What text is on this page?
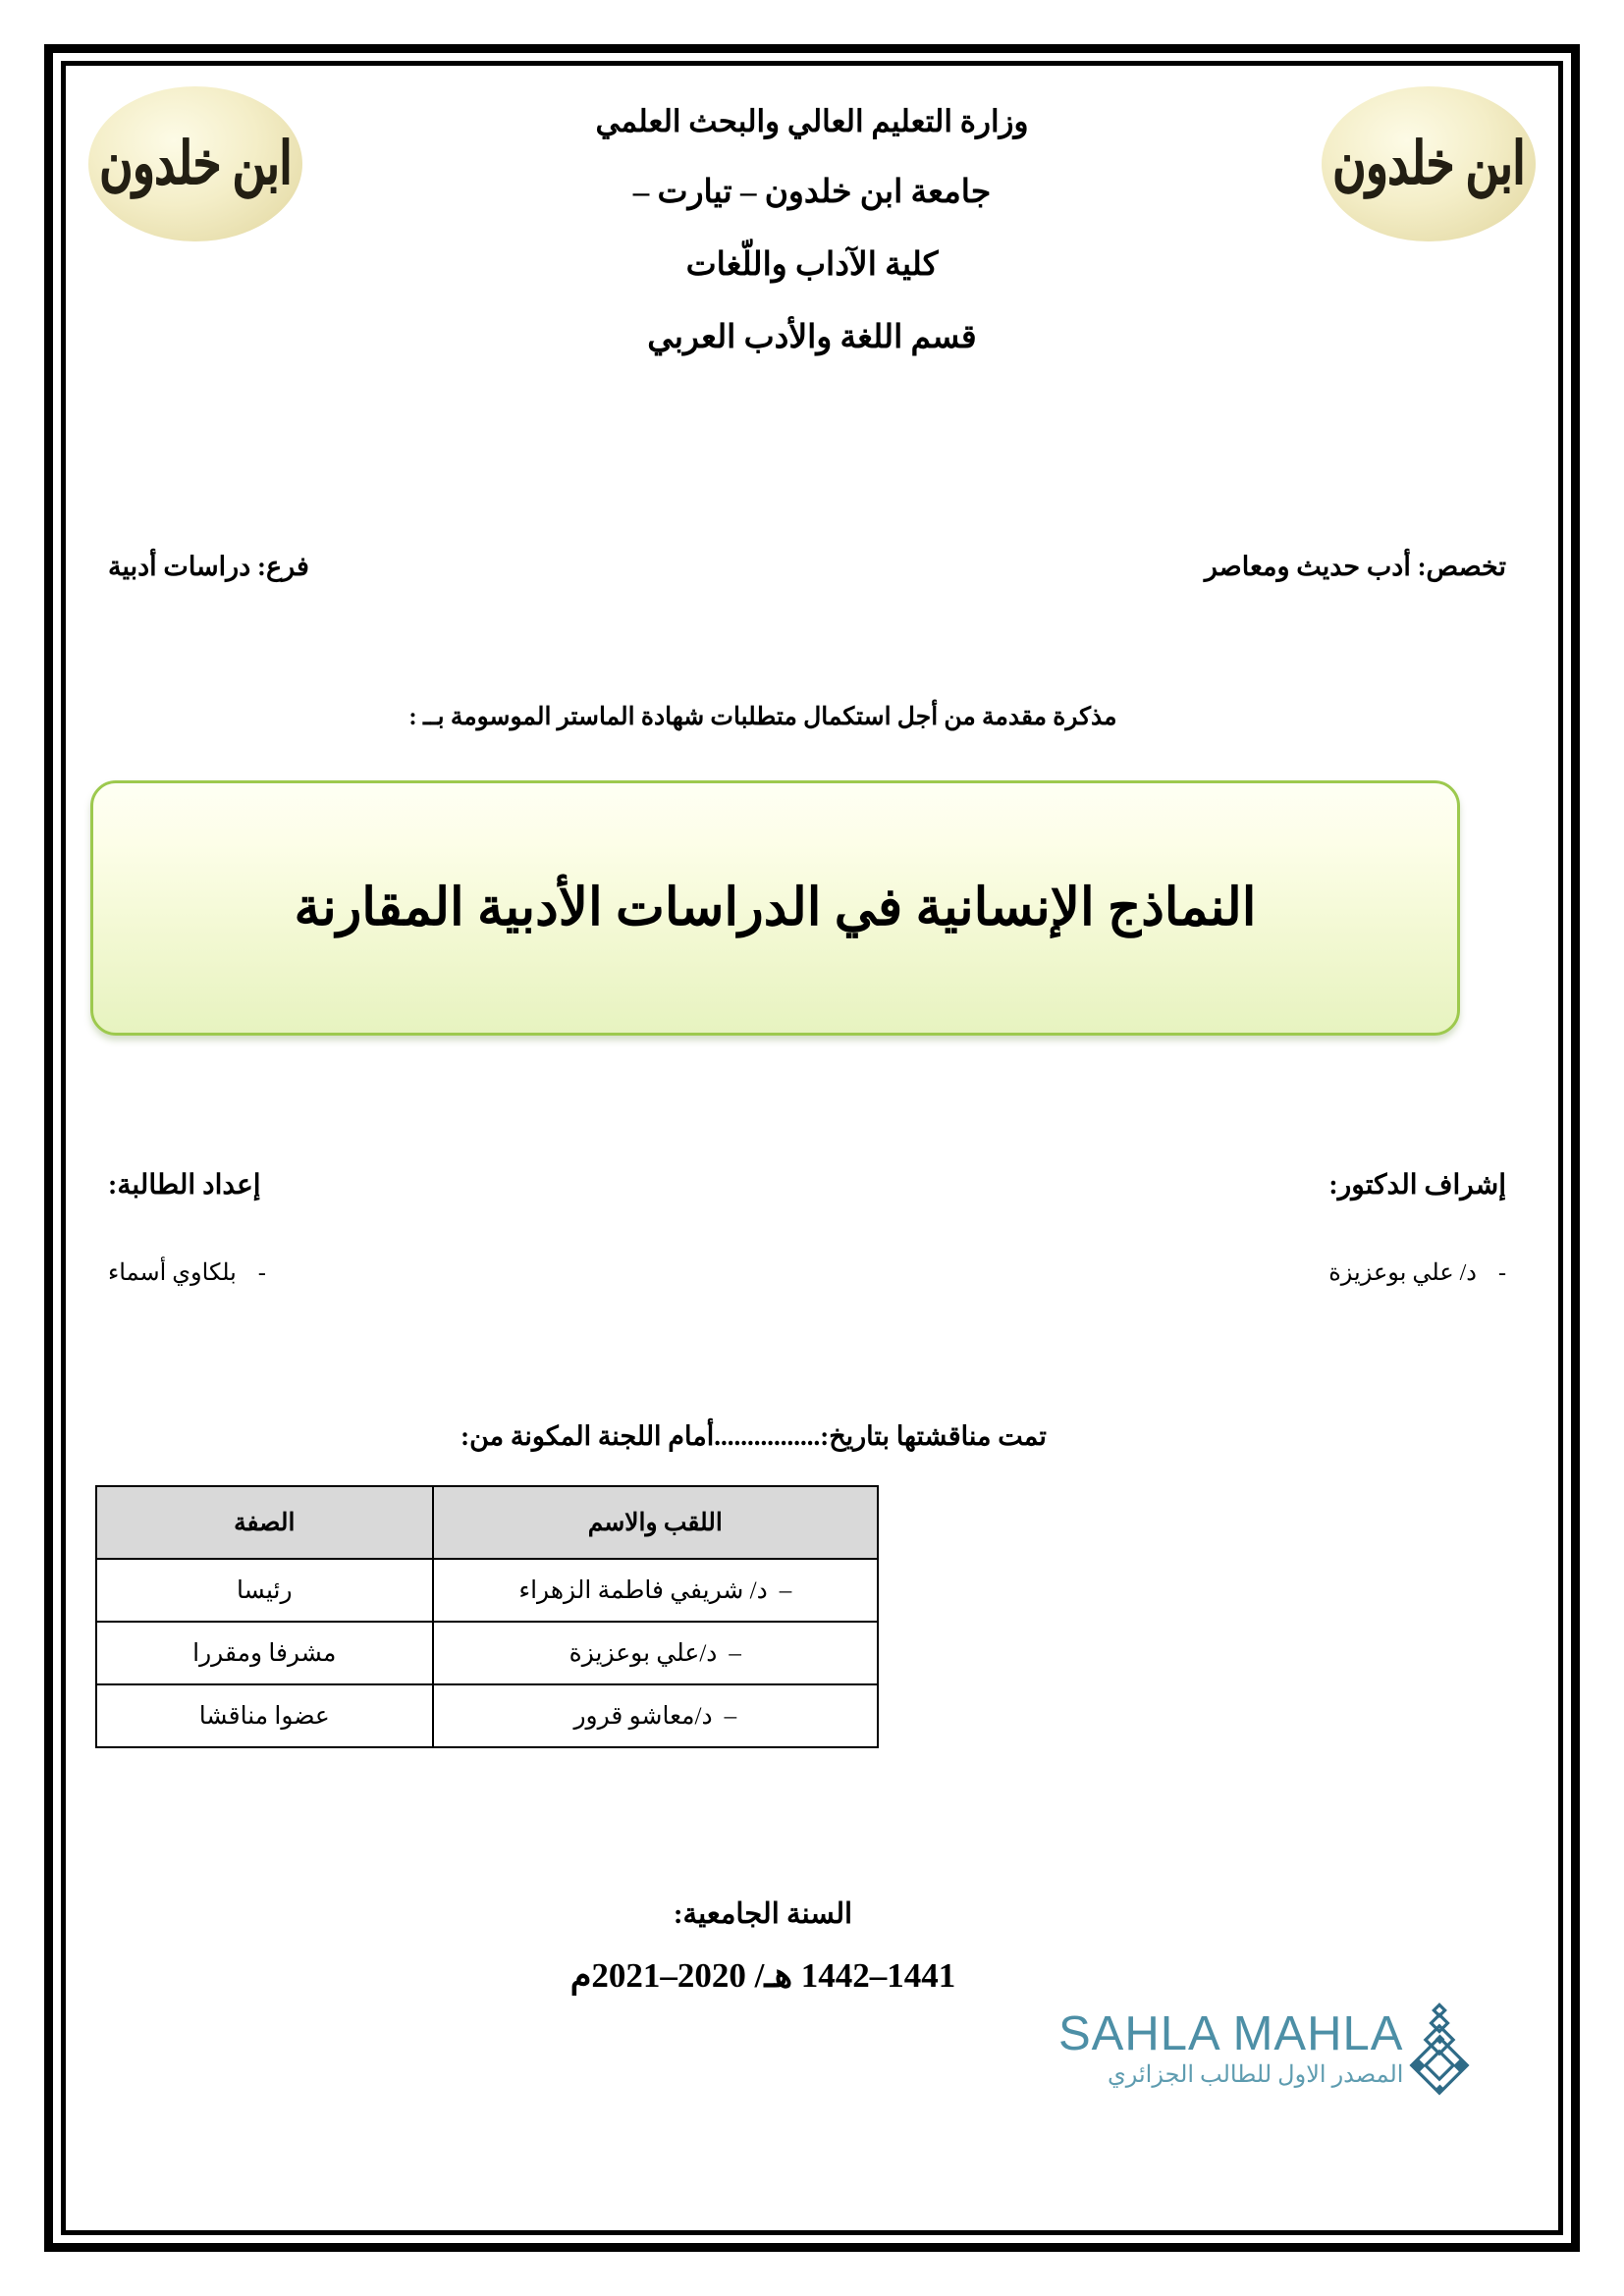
ابن خلدون	ابن خلدون
وزارة التعليم العالي والبحث العلمي
جامعة ابن خلدون – تيارت –
كلية الآداب واللّغات
قسم اللغة والأدب العربي
تخصص: أدب حديث ومعاصر
فرع: دراسات أدبية
مذكرة مقدمة من أجل استكمال متطلبات شهادة الماستر الموسومة بــ :
النماذج الإنسانية في الدراسات الأدبية المقارنة
إشراف الدكتور:
إعداد الطالبة:
-د/ علي بوعزيزة
-بلكاوي أسماء
تمت مناقشتها بتاريخ:................أمام اللجنة المكونة من:
اللقب والاسم	الصفة
–د/ شريفي فاطمة الزهراء	رئيسا
–د/علي بوعزيزة	مشرفا ومقررا
–د/معاشو قرور	عضوا مناقشا
السنة الجامعية:
1441–1442 هـ/ 2020–2021م
SAHLA MAHLA
المصدر الاول للطالب الجزائري
